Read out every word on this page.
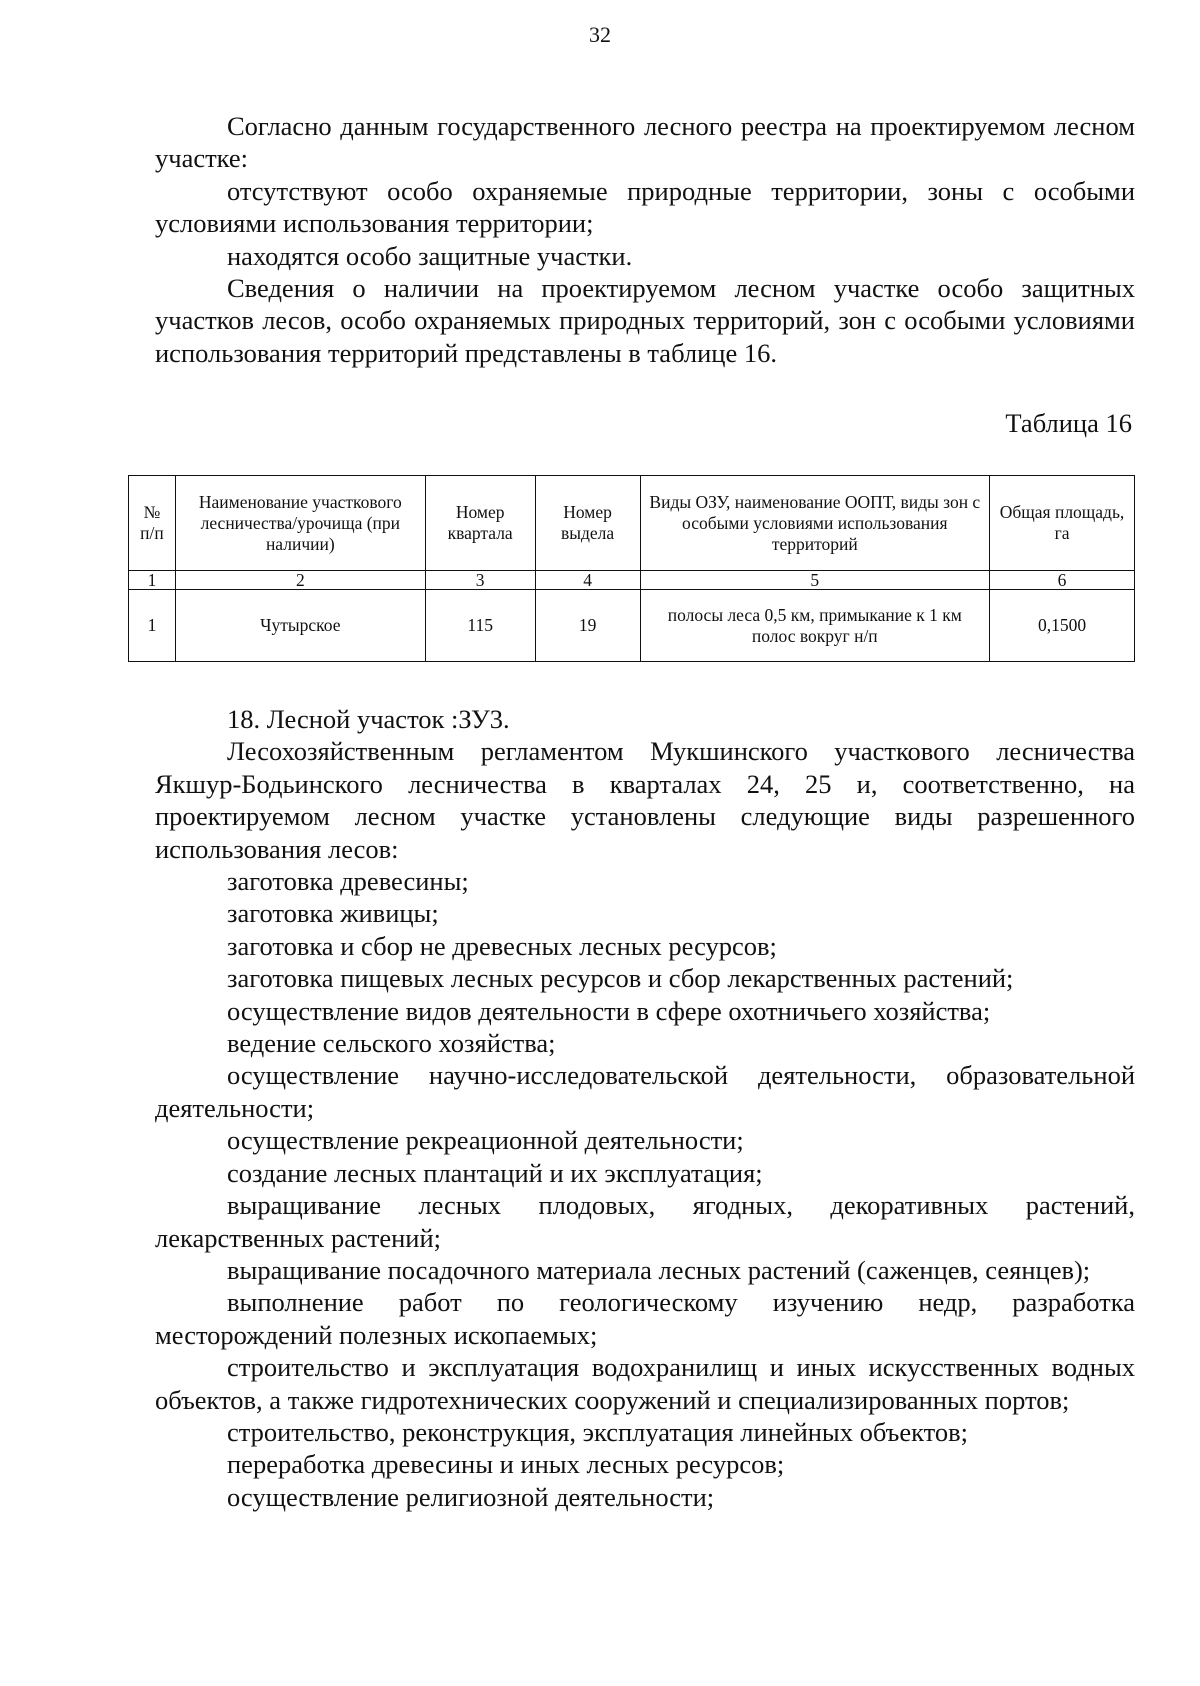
32

Согласно данным государственного лесного реестра на проектируемом лесном участке:

отсутствуют особо охраняемые природные территории, зоны с особыми условиями использования территории;

находятся особо защитные участки.

Сведения о наличии на проектируемом лесном участке особо защитных участков лесов, особо охраняемых природных территорий, зон с особыми условиями использования территорий представлены в таблице 16.

Таблица 16
№ п/п	Наименование участкового лесничества/урочища (при наличии)	Номер квартала	Номер выдела	Виды ОЗУ, наименование ООПТ, виды зон с особыми условиями использования территорий	Общая площадь, га
1	2	3	4	5	6
1	Чутырское	115	19	полосы леса 0,5 км, примыкание к 1 км полос вокруг н/п	0,1500

18. Лесной участок :ЗУ3.

Лесохозяйственным регламентом Мукшинского участкового лесничества Якшур-Бодьинского лесничества в кварталах 24, 25 и, соответственно, на проектируемом лесном участке установлены следующие виды разрешенного использования лесов:

заготовка древесины;

заготовка живицы;

заготовка и сбор не древесных лесных ресурсов;

заготовка пищевых лесных ресурсов и сбор лекарственных растений;

осуществление видов деятельности в сфере охотничьего хозяйства;

ведение сельского хозяйства;

осуществление научно-исследовательской деятельности, образовательной деятельности;

осуществление рекреационной деятельности;

создание лесных плантаций и их эксплуатация;

выращивание лесных плодовых, ягодных, декоративных растений, лекарственных растений;

выращивание посадочного материала лесных растений (саженцев, сеянцев);

выполнение работ по геологическому изучению недр, разработка месторождений полезных ископаемых;

строительство и эксплуатация водохранилищ и иных искусственных водных объектов, а также гидротехнических сооружений и специализированных портов;

строительство, реконструкция, эксплуатация линейных объектов;

переработка древесины и иных лесных ресурсов;

осуществление религиозной деятельности;
